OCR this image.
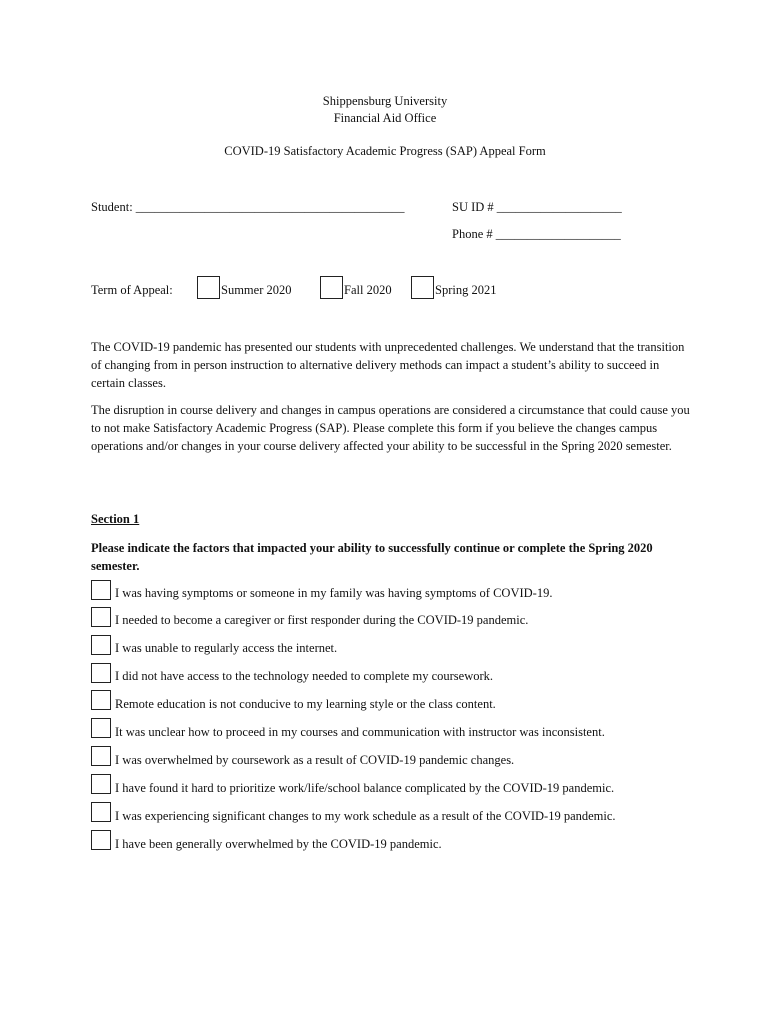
Shippensburg University
Financial Aid Office
COVID-19 Satisfactory Academic Progress (SAP) Appeal Form
Student: ___________________________________________	SU ID # ____________________
Phone # ____________________
Term of Appeal:	Summer 2020	Fall 2020	Spring 2021
The COVID-19 pandemic has presented our students with unprecedented challenges. We understand that the transition of changing from in person instruction to alternative delivery methods can impact a student’s ability to succeed in certain classes.
The disruption in course delivery and changes in campus operations are considered a circumstance that could cause you to not make Satisfactory Academic Progress (SAP). Please complete this form if you believe the changes campus operations and/or changes in your course delivery affected your ability to be successful in the Spring 2020 semester.
Section 1
Please indicate the factors that impacted your ability to successfully continue or complete the Spring 2020 semester.
I was having symptoms or someone in my family was having symptoms of COVID-19.
I needed to become a caregiver or first responder during the COVID-19 pandemic.
I was unable to regularly access the internet.
I did not have access to the technology needed to complete my coursework.
Remote education is not conducive to my learning style or the class content.
It was unclear how to proceed in my courses and communication with instructor was inconsistent.
I was overwhelmed by coursework as a result of COVID-19 pandemic changes.
I have found it hard to prioritize work/life/school balance complicated by the COVID-19 pandemic.
I was experiencing significant changes to my work schedule as a result of the COVID-19 pandemic.
I have been generally overwhelmed by the COVID-19 pandemic.
